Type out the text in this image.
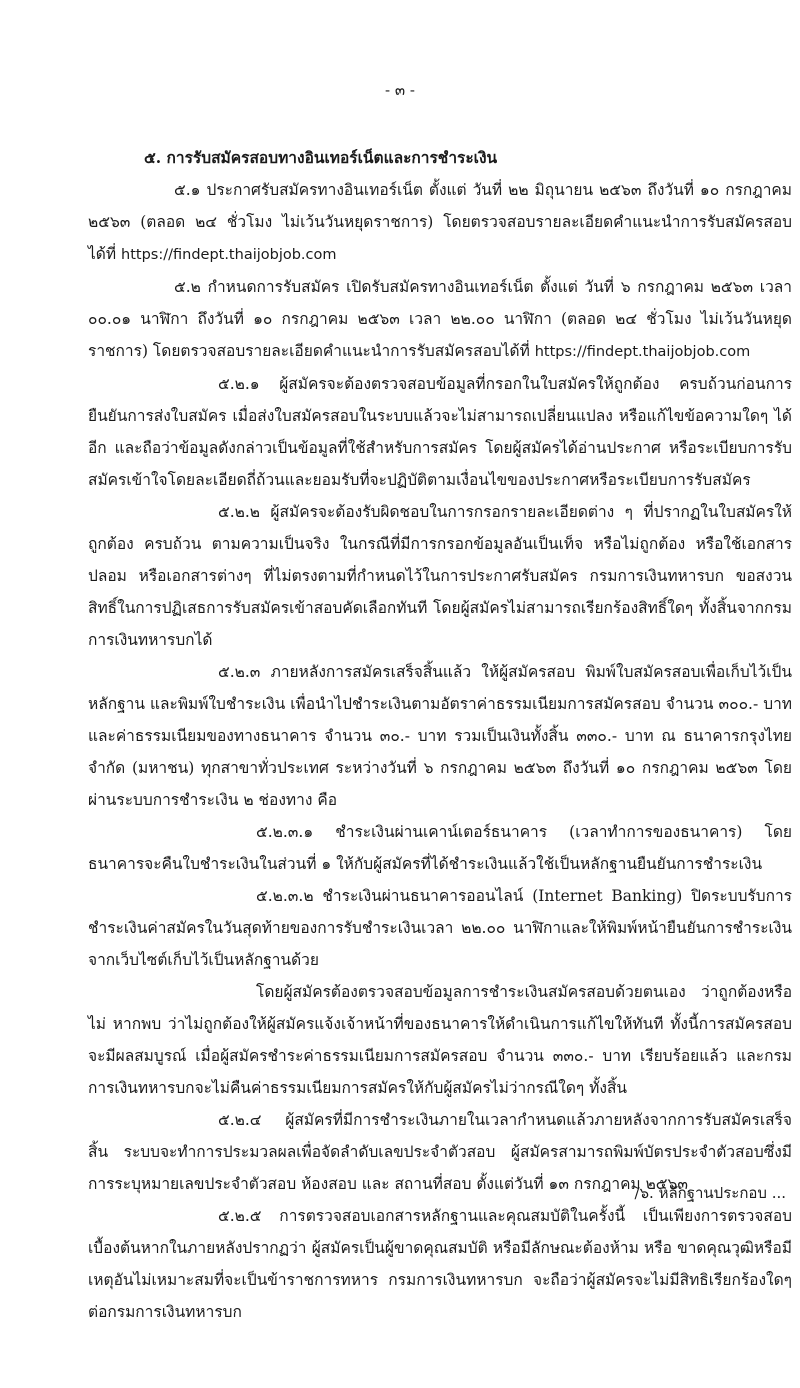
- ๓ -
๕. การรับสมัครสอบทางอินเทอร์เน็ตและการชำระเงิน

๕.๑ ประกาศรับสมัครทางอินเทอร์เน็ต ตั้งแต่ วันที่ ๒๒ มิถุนายน ๒๕๖๓ ถึงวันที่ ๑๐ กรกฎาคม ๒๕๖๓ (ตลอด ๒๔ ชั่วโมง ไม่เว้นวันหยุดราชการ) โดยตรวจสอบรายละเอียดคำแนะนำการรับสมัครสอบได้ที่ https://findept.thaijobjob.com

๕.๒ กำหนดการรับสมัคร เปิดรับสมัครทางอินเทอร์เน็ต ตั้งแต่ วันที่ ๖ กรกฎาคม ๒๕๖๓ เวลา ๐๐.๐๑ นาฬิกา ถึงวันที่ ๑๐ กรกฎาคม ๒๕๖๓ เวลา ๒๒.๐๐ นาฬิกา (ตลอด ๒๔ ชั่วโมง ไม่เว้นวันหยุดราชการ) โดยตรวจสอบรายละเอียดคำแนะนำการรับสมัครสอบได้ที่ https://findept.thaijobjob.com

๕.๒.๑ ผู้สมัครจะต้องตรวจสอบข้อมูลที่กรอกในใบสมัครให้ถูกต้อง ครบถ้วนก่อนการยืนยันการส่งใบสมัคร เมื่อส่งใบสมัครสอบในระบบแล้วจะไม่สามารถเปลี่ยนแปลง หรือแก้ไขข้อความใดๆ ได้อีก และถือว่าข้อมูลดังกล่าวเป็นข้อมูลที่ใช้สำหรับการสมัคร โดยผู้สมัครได้อ่านประกาศ หรือระเบียบการรับสมัครเข้าใจโดยละเอียดถี่ถ้วนและยอมรับที่จะปฏิบัติตามเงื่อนไขของประกาศหรือระเบียบการรับสมัคร

๕.๒.๒ ผู้สมัครจะต้องรับผิดชอบในการกรอกรายละเอียดต่าง ๆ ที่ปรากฏในใบสมัครให้ถูกต้อง ครบถ้วน ตามความเป็นจริง ในกรณีที่มีการกรอกข้อมูลอันเป็นเท็จ หรือไม่ถูกต้อง หรือใช้เอกสารปลอม หรือเอกสารต่างๆ ที่ไม่ตรงตามที่กำหนดไว้ในการประกาศรับสมัคร กรมการเงินทหารบก ขอสงวนสิทธิ์ในการปฏิเสธการรับสมัครเข้าสอบคัดเลือกทันที โดยผู้สมัครไม่สามารถเรียกร้องสิทธิ์ใดๆ ทั้งสิ้นจากกรมการเงินทหารบกได้

๕.๒.๓ ภายหลังการสมัครเสร็จสิ้นแล้ว ให้ผู้สมัครสอบ พิมพ์ใบสมัครสอบเพื่อเก็บไว้เป็นหลักฐาน และพิมพ์ใบชำระเงิน เพื่อนำไปชำระเงินตามอัตราค่าธรรมเนียมการสมัครสอบ จำนวน ๓๐๐.- บาท และค่าธรรมเนียมของทางธนาคาร จำนวน ๓๐.- บาท รวมเป็นเงินทั้งสิ้น ๓๓๐.- บาท ณ ธนาคารกรุงไทย จำกัด (มหาชน) ทุกสาขาทั่วประเทศ ระหว่างวันที่ ๖ กรกฎาคม ๒๕๖๓ ถึงวันที่ ๑๐ กรกฎาคม ๒๕๖๓ โดยผ่านระบบการชำระเงิน ๒ ช่องทาง คือ

๕.๒.๓.๑ ชำระเงินผ่านเคาน์เตอร์ธนาคาร (เวลาทำการของธนาคาร) โดยธนาคารจะคืนใบชำระเงินในส่วนที่ ๑ ให้กับผู้สมัครที่ได้ชำระเงินแล้วใช้เป็นหลักฐานยืนยันการชำระเงิน

๕.๒.๓.๒ ชำระเงินผ่านธนาคารออนไลน์ (Internet Banking) ปิดระบบรับการชำระเงินค่าสมัครในวันสุดท้ายของการรับชำระเงินเวลา ๒๒.๐๐ นาฬิกาและให้พิมพ์หน้ายืนยันการชำระเงินจากเว็บไซต์เก็บไว้เป็นหลักฐานด้วย

โดยผู้สมัครต้องตรวจสอบข้อมูลการชำระเงินสมัครสอบด้วยตนเอง ว่าถูกต้องหรือไม่ หากพบ ว่าไม่ถูกต้องให้ผู้สมัครแจ้งเจ้าหน้าที่ของธนาคารให้ดำเนินการแก้ไขให้ทันที ทั้งนี้การสมัครสอบจะมีผลสมบูรณ์ เมื่อผู้สมัครชำระค่าธรรมเนียมการสมัครสอบ จำนวน ๓๓๐.- บาท เรียบร้อยแล้ว และกรมการเงินทหารบกจะไม่คืนค่าธรรมเนียมการสมัครให้กับผู้สมัครไม่ว่ากรณีใดๆ ทั้งสิ้น

๕.๒.๔ ผู้สมัครที่มีการชำระเงินภายในเวลากำหนดแล้วภายหลังจากการรับสมัครเสร็จสิ้น ระบบจะทำการประมวลผลเพื่อจัดลำดับเลขประจำตัวสอบ ผู้สมัครสามารถพิมพ์บัตรประจำตัวสอบซึ่งมีการระบุหมายเลขประจำตัวสอบ ห้องสอบ และ สถานที่สอบ ตั้งแต่วันที่ ๑๓ กรกฎาคม ๒๕๖๓

๕.๒.๕ การตรวจสอบเอกสารหลักฐานและคุณสมบัติในครั้งนี้ เป็นเพียงการตรวจสอบเบื้องต้นหากในภายหลังปรากฏว่า ผู้สมัครเป็นผู้ขาดคุณสมบัติ หรือมีลักษณะต้องห้าม หรือ ขาดคุณวุฒิหรือมีเหตุอันไม่เหมาะสมที่จะเป็นข้าราชการทหาร กรมการเงินทหารบก จะถือว่าผู้สมัครจะไม่มีสิทธิเรียกร้องใดๆ ต่อกรมการเงินทหารบก

/๖. หลักฐานประกอบ ...
